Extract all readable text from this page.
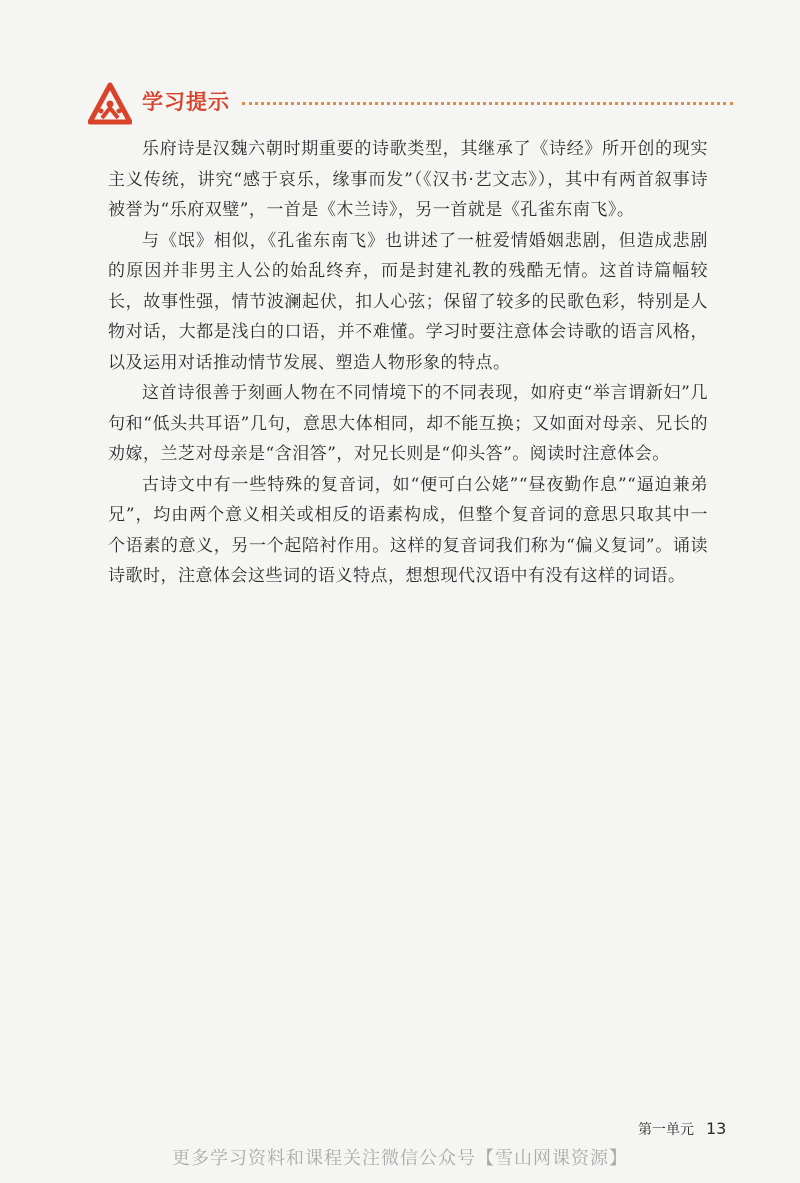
学习提示

乐府诗是汉魏六朝时期重要的诗歌类型，其继承了《诗经》所开创的现实主义传统，讲究“感于哀乐，缘事而发”（《汉书·艺文志》），其中有两首叙事诗被誉为“乐府双璧”，一首是《木兰诗》，另一首就是《孔雀东南飞》。

与《氓》相似，《孔雀东南飞》也讲述了一桩爱情婚姻悲剧，但造成悲剧的原因并非男主人公的始乱终弃，而是封建礼教的残酷无情。这首诗篇幅较长，故事性强，情节波澜起伏，扣人心弦；保留了较多的民歌色彩，特别是人物对话，大都是浅白的口语，并不难懂。学习时要注意体会诗歌的语言风格，以及运用对话推动情节发展、塑造人物形象的特点。

这首诗很善于刻画人物在不同情境下的不同表现，如府吏“举言谓新妇”几句和“低头共耳语”几句，意思大体相同，却不能互换；又如面对母亲、兄长的劝嫁，兰芝对母亲是“含泪答”，对兄长则是“仰头答”。阅读时注意体会。

古诗文中有一些特殊的复音词，如“便可白公姥”“昼夜勤作息”“逼迫兼弟兄”，均由两个意义相关或相反的语素构成，但整个复音词的意思只取其中一个语素的意义，另一个起陪衬作用。这样的复音词我们称为“偏义复词”。诵读诗歌时，注意体会这些词的语义特点，想想现代汉语中有没有这样的词语。

第一单元 13
更多学习资料和课程关注微信公众号【雪山网课资源】
